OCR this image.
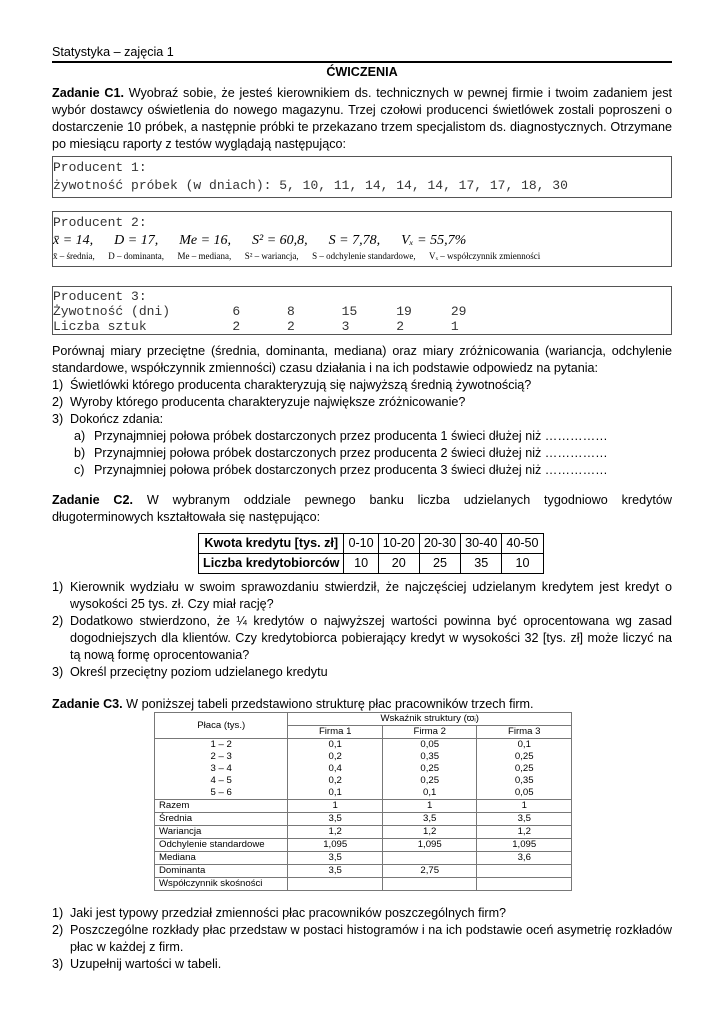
Statystyka – zajęcia 1
ĆWICZENIA
Zadanie C1. Wyobraź sobie, że jesteś kierownikiem ds. technicznych w pewnej firmie i twoim zadaniem jest wybór dostawcy oświetlenia do nowego magazynu. Trzej czołowi producenci świetlówek zostali poproszeni o dostarczenie 10 próbek, a następnie próbki te przekazano trzem specjalistom ds. diagnostycznych. Otrzymane po miesiącu raporty z testów wyglądają następująco:
Producent 1:
żywotność próbek (w dniach): 5, 10, 11, 14, 14, 14, 17, 17, 18, 30
Producent 2:
x̄ = 14,      D = 17,      Me = 16,      S² = 60,8,      S = 7,78,      Vₓ = 55,7%
x̄ – średnia,      D – dominanta,      Me – mediana,      S² – wariancja,      S – odchylenie standardowe,      Vₓ – współczynnik zmienności
Producent 3:
Żywotność (dni)        6      8      15     19     29
Liczba sztuk           2      2      3      2      1
Porównaj miary przeciętne (średnia, dominanta, mediana) oraz miary zróżnicowania (wariancja, odchylenie standardowe, współczynnik zmienności) czasu działania i na ich podstawie odpowiedz na pytania:
1) Świetlówki którego producenta charakteryzują się najwyższą średnią żywotnością?
2) Wyroby którego producenta charakteryzuje największe zróżnicowanie?
3) Dokończ zdania:
a) Przynajmniej połowa próbek dostarczonych przez producenta 1 świeci dłużej niż ……………
b) Przynajmniej połowa próbek dostarczonych przez producenta 2 świeci dłużej niż ……………
c) Przynajmniej połowa próbek dostarczonych przez producenta 3 świeci dłużej niż ……………
Zadanie C2. W wybranym oddziale pewnego banku liczba udzielanych tygodniowo kredytów długoterminowych kształtowała się następująco:
Kwota kredytu [tys. zł]	0-10	10-20	20-30	30-40	40-50
Liczba kredytobiorców	10	20	25	35	10
1) Kierownik wydziału w swoim sprawozdaniu stwierdził, że najczęściej udzielanym kredytem jest kredyt o wysokości 25 tys. zł. Czy miał rację?
2) Dodatkowo stwierdzono, że ¼ kredytów o najwyższej wartości powinna być oprocentowana wg zasad dogodniejszych dla klientów. Czy kredytobiorca pobierający kredyt w wysokości 32 [tys. zł] może liczyć na tą nową formę oprocentowania?
3) Określ przeciętny poziom udzielanego kredytu
Zadanie C3. W poniższej tabeli przedstawiono strukturę płac pracowników trzech firm.
Płaca (tys.)	Wskaźnik struktury (ϖᵢ)		
	Firma 1	Firma 2	Firma 3
1 – 2	0,1	0,05	0,1
2 – 3	0,2	0,35	0,25
3 – 4	0,4	0,25	0,25
4 – 5	0,2	0,25	0,35
5 – 6	0,1	0,1	0,05
Razem	1	1	1
Średnia	3,5	3,5	3,5
Wariancja	1,2	1,2	1,2
Odchylenie standardowe	1,095	1,095	1,095
Mediana	3,5		3,6
Dominanta	3,5	2,75	
Współczynnik skośności			
1) Jaki jest typowy przedział zmienności płac pracowników poszczególnych firm?
2) Poszczególne rozkłady płac przedstaw w postaci histogramów i na ich podstawie oceń asymetrię rozkładów płac w każdej z firm.
3) Uzupełnij wartości w tabeli.
